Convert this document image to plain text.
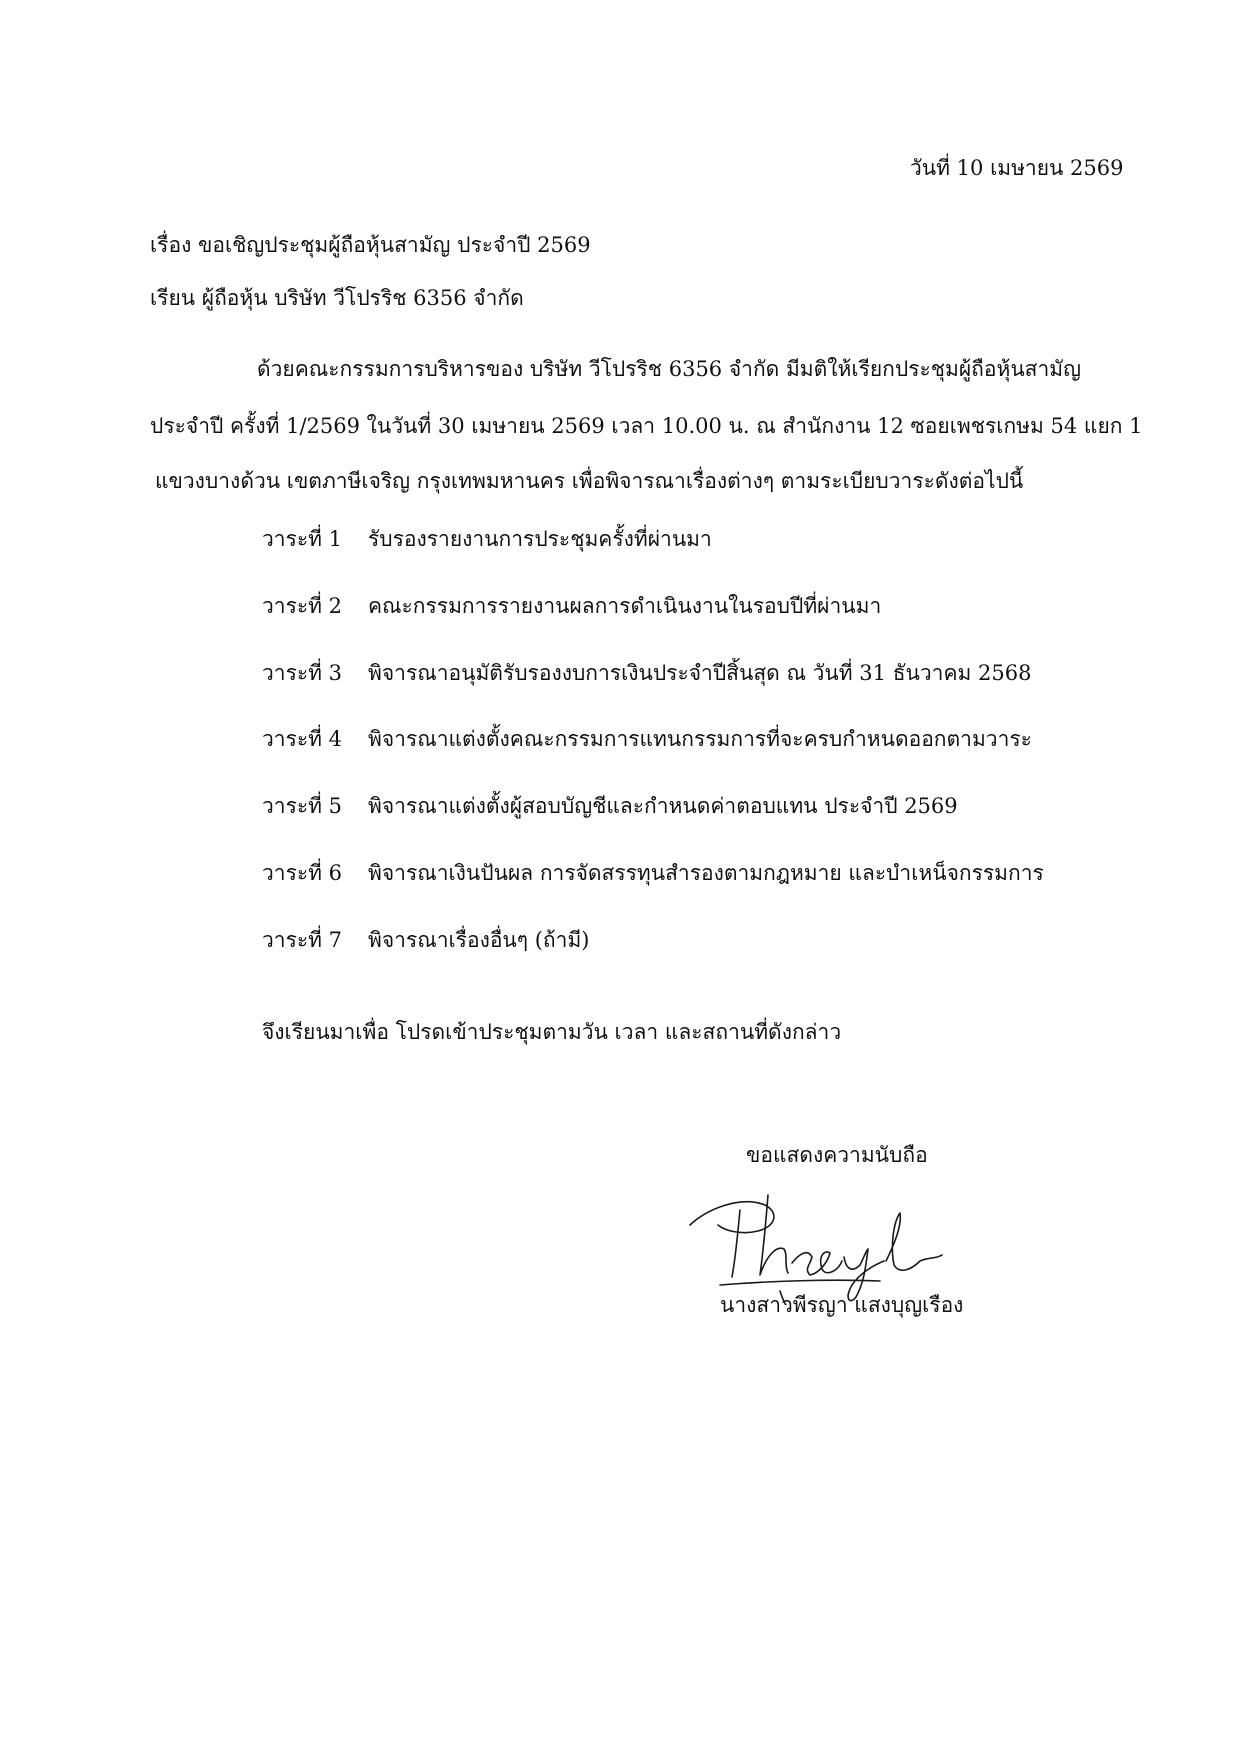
วันที่ 10 เมษายน 2569
เรื่อง ขอเชิญประชุมผู้ถือหุ้นสามัญ ประจำปี 2569
เรียน ผู้ถือหุ้น บริษัท วีโปรริช 6356 จำกัด
ด้วยคณะกรรมการบริหารของ บริษัท วีโปรริช 6356 จำกัด มีมติให้เรียกประชุมผู้ถือหุ้นสามัญ
ประจำปี ครั้งที่ 1/2569 ในวันที่ 30 เมษายน 2569 เวลา 10.00 น. ณ สำนักงาน 12 ซอยเพชรเกษม 54 แยก 1
แขวงบางด้วน เขตภาษีเจริญ กรุงเทพมหานคร เพื่อพิจารณาเรื่องต่างๆ ตามระเบียบวาระดังต่อไปนี้
วาระที่ 1 รับรองรายงานการประชุมครั้งที่ผ่านมา
วาระที่ 2 คณะกรรมการรายงานผลการดำเนินงานในรอบปีที่ผ่านมา
วาระที่ 3 พิจารณาอนุมัติรับรองงบการเงินประจำปีสิ้นสุด ณ วันที่ 31 ธันวาคม 2568
วาระที่ 4 พิจารณาแต่งตั้งคณะกรรมการแทนกรรมการที่จะครบกำหนดออกตามวาระ
วาระที่ 5 พิจารณาแต่งตั้งผู้สอบบัญชีและกำหนดค่าตอบแทน ประจำปี 2569
วาระที่ 6 พิจารณาเงินปันผล การจัดสรรทุนสำรองตามกฎหมาย และบำเหน็จกรรมการ
วาระที่ 7 พิจารณาเรื่องอื่นๆ (ถ้ามี)
จึงเรียนมาเพื่อ โปรดเข้าประชุมตามวัน เวลา และสถานที่ดังกล่าว
ขอแสดงความนับถือ
นางสาวพีรญา แสงบุญเรือง
